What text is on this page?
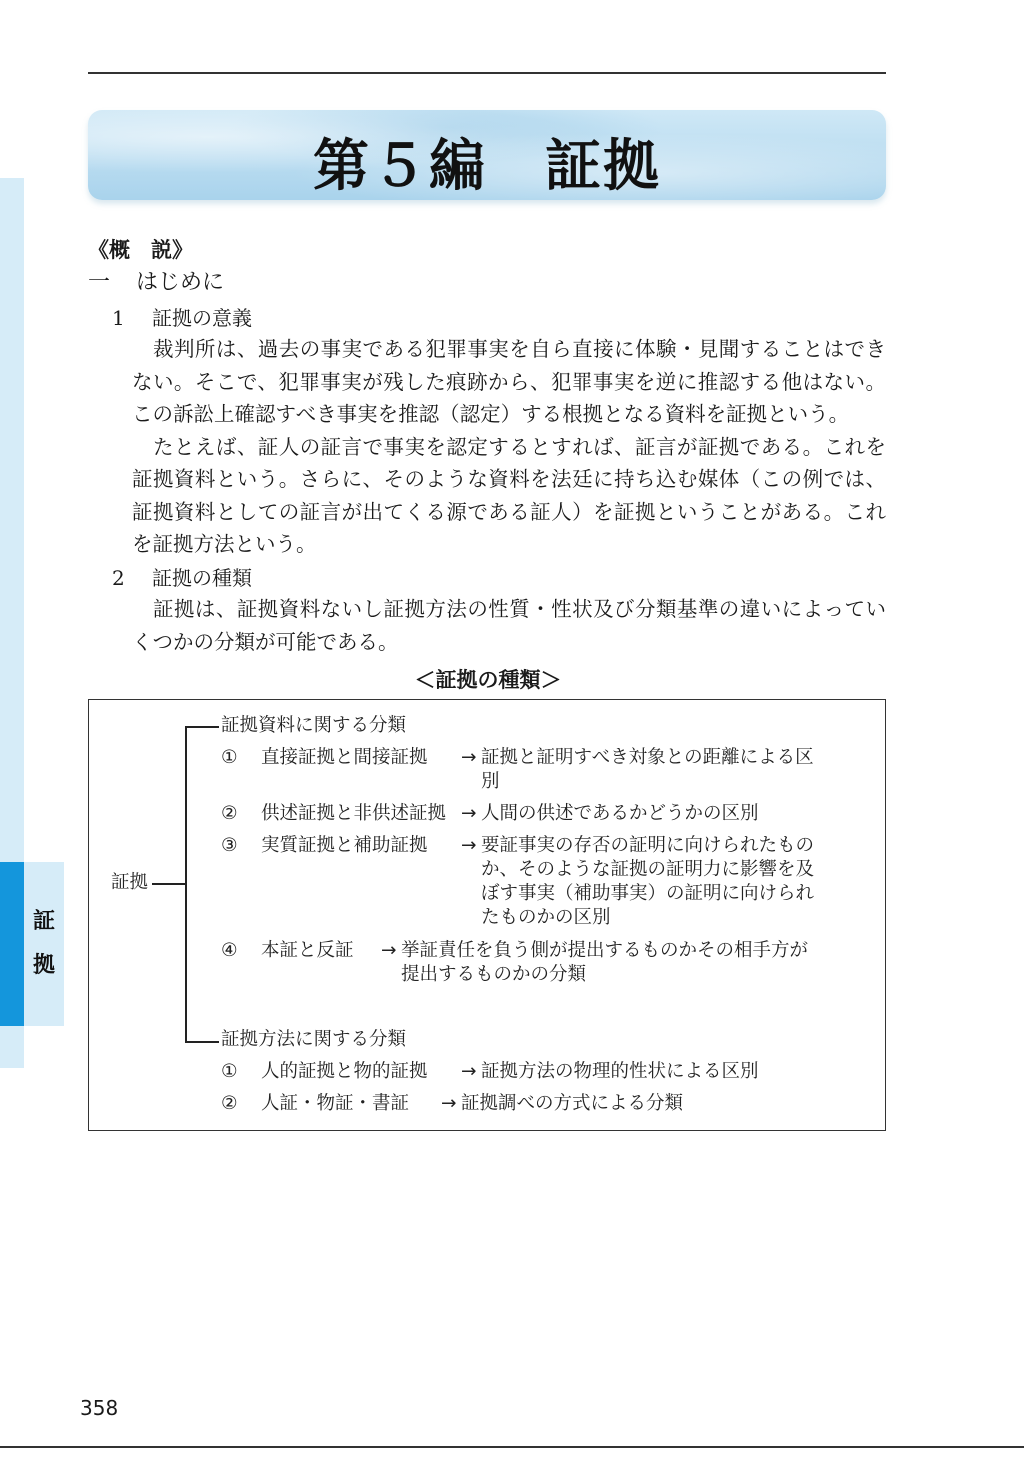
第５編　証拠
証
拠
《概　説》
一 はじめに
1 証拠の意義

裁判所は、過去の事実である犯罪事実を自ら直接に体験・見聞することはできない。そこで、犯罪事実が残した痕跡から、犯罪事実を逆に推認する他はない。この訴訟上確認すべき事実を推認（認定）する根拠となる資料を証拠という。

たとえば、証人の証言で事実を認定するとすれば、証言が証拠である。これを証拠資料という。さらに、そのような資料を法廷に持ち込む媒体（この例では、証拠資料としての証言が出てくる源である証人）を証拠ということがある。これを証拠方法という。

2 証拠の種類

証拠は、証拠資料ないし証拠方法の性質・性状及び分類基準の違いによっていくつかの分類が可能である。

＜証拠の種類＞
証拠
証拠資料に関する分類
① 直接証拠と間接証拠 → 証拠と証明すべき対象との距離による区
別
② 供述証拠と非供述証拠 → 人間の供述であるかどうかの区別
③ 実質証拠と補助証拠 → 要証事実の存否の証明に向けられたもの
か、そのような証拠の証明力に影響を及
ぼす事実（補助事実）の証明に向けられ
たものかの区別
④ 本証と反証 → 挙証責任を負う側が提出するものかその相手方が
提出するものかの分類
証拠方法に関する分類
① 人的証拠と物的証拠 → 証拠方法の物理的性状による区別
② 人証・物証・書証 → 証拠調べの方式による分類
358
